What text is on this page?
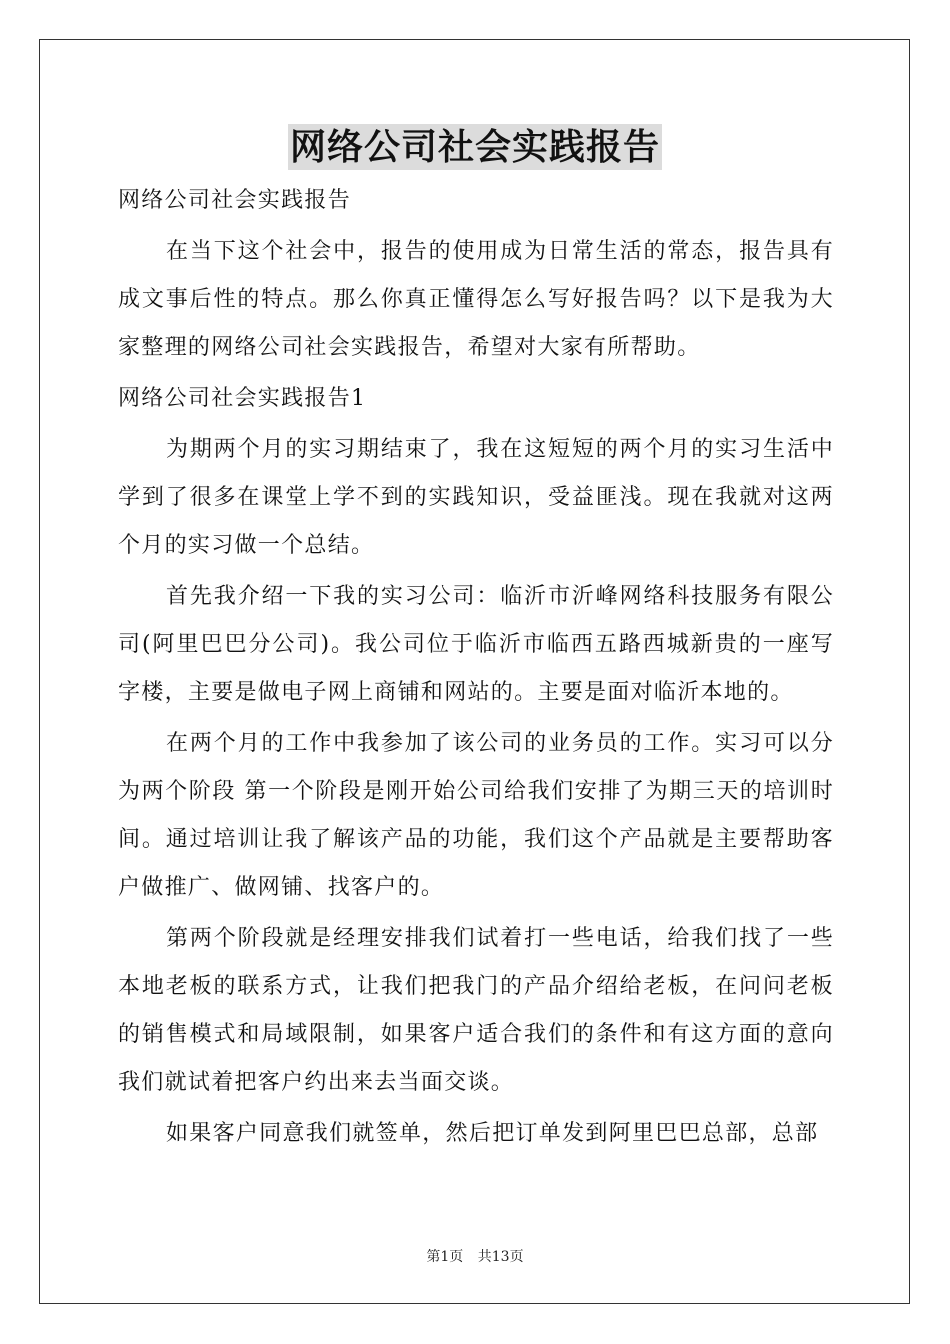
网络公司社会实践报告

网络公司社会实践报告

在当下这个社会中，报告的使用成为日常生活的常态，报告具有成文事后性的特点。那么你真正懂得怎么写好报告吗？以下是我为大家整理的网络公司社会实践报告，希望对大家有所帮助。

网络公司社会实践报告1

为期两个月的实习期结束了，我在这短短的两个月的实习生活中学到了很多在课堂上学不到的实践知识，受益匪浅。现在我就对这两个月的实习做一个总结。

首先我介绍一下我的实习公司：临沂市沂峰网络科技服务有限公司(阿里巴巴分公司)。我公司位于临沂市临西五路西城新贵的一座写字楼，主要是做电子网上商铺和网站的。主要是面对临沂本地的。

在两个月的工作中我参加了该公司的业务员的工作。实习可以分为两个阶段 第一个阶段是刚开始公司给我们安排了为期三天的培训时间。通过培训让我了解该产品的功能，我们这个产品就是主要帮助客户做推广、做网铺、找客户的。

第两个阶段就是经理安排我们试着打一些电话，给我们找了一些本地老板的联系方式，让我们把我门的产品介绍给老板，在问问老板的销售模式和局域限制，如果客户适合我们的条件和有这方面的意向我们就试着把客户约出来去当面交谈。

如果客户同意我们就签单，然后把订单发到阿里巴巴总部，总部

第1页 共13页
